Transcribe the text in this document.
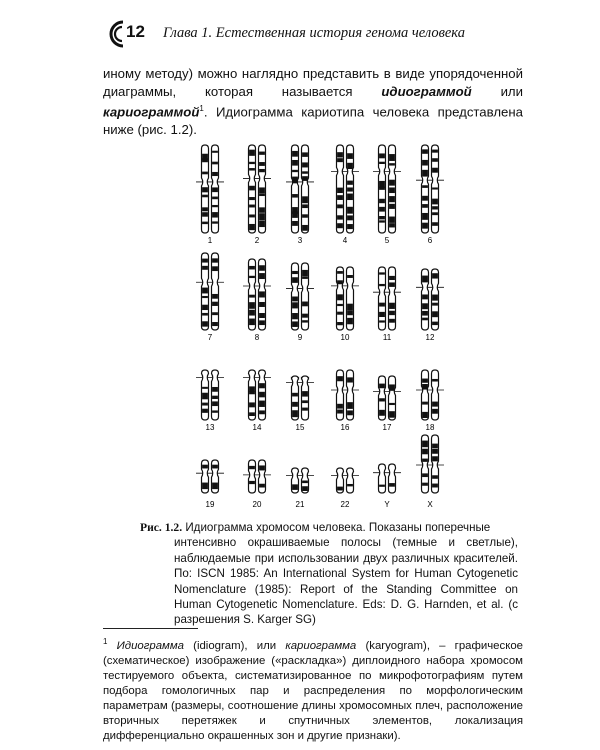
12 Глава 1. Естественная история генома человека

иному методу) можно наглядно представить в виде упорядоченной диаграммы, которая называется идиограммой или кариограммой$^1$. Идиограмма кариотипа человека представлена ниже (рис. 1.2).

1	2	3	4	5	6
7	8	9	10	11	12
13	14	15	16	17	18
19	20	21	22	Y	X

Рис. 1.2. Идиограмма хромосом человека. Показаны поперечные

интенсивно окрашиваемые полосы (темные и светлые), наблюдаемые при использовании двух различных красителей. По: ISCN 1985: An International System for Human Cytogenetic Nomenclature (1985): Report of the Standing Committee on Human Cytogenetic Nomenclature. Eds: D. G. Harnden, et al. (с разрешения S. Karger SG)

$^1$ Идиограмма (idiogram), или кариограмма (karyogram), – графическое (схематическое) изображение («раскладка») диплоидного набора хромосом тестируемого объекта, систематизированное по микрофотографиям путем подбора гомологичных пар и распределения по морфологическим параметрам (размеры, соотношение длины хромосомных плеч, расположение вторичных перетяжек и спутничных элементов, локализация дифференциально окрашенных зон и другие признаки).
